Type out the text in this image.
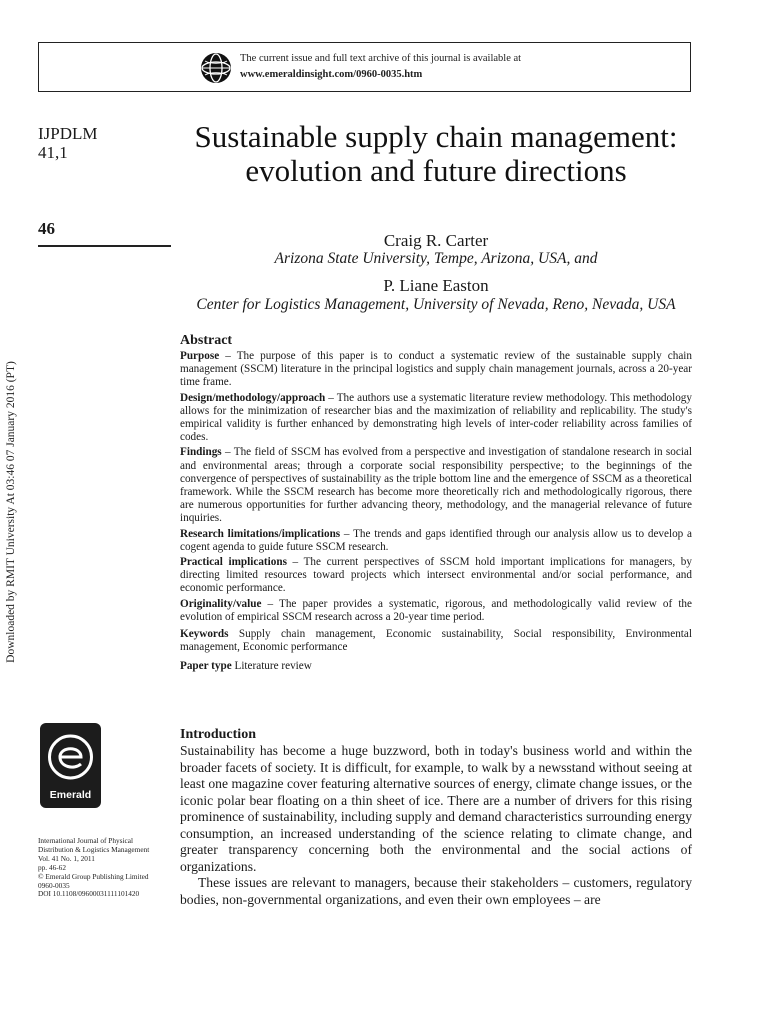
The current issue and full text archive of this journal is available at
www.emeraldinsight.com/0960-0035.htm
Downloaded by RMIT University At 03:46 07 January 2016 (PT)
IJPDLM
41,1
46
Sustainable supply chain management: evolution and future directions
Craig R. Carter
Arizona State University, Tempe, Arizona, USA, and
P. Liane Easton
Center for Logistics Management, University of Nevada, Reno, Nevada, USA
Abstract

Purpose – The purpose of this paper is to conduct a systematic review of the sustainable supply chain management (SSCM) literature in the principal logistics and supply chain management journals, across a 20-year time frame.

Design/methodology/approach – The authors use a systematic literature review methodology. This methodology allows for the minimization of researcher bias and the maximization of reliability and replicability. The study's empirical validity is further enhanced by demonstrating high levels of inter-coder reliability across families of codes.

Findings – The field of SSCM has evolved from a perspective and investigation of standalone research in social and environmental areas; through a corporate social responsibility perspective; to the beginnings of the convergence of perspectives of sustainability as the triple bottom line and the emergence of SSCM as a theoretical framework. While the SSCM research has become more theoretically rich and methodologically rigorous, there are numerous opportunities for further advancing theory, methodology, and the managerial relevance of future inquiries.

Research limitations/implications – The trends and gaps identified through our analysis allow us to develop a cogent agenda to guide future SSCM research.

Practical implications – The current perspectives of SSCM hold important implications for managers, by directing limited resources toward projects which intersect environmental and/or social performance, and economic performance.

Originality/value – The paper provides a systematic, rigorous, and methodologically valid review of the evolution of empirical SSCM research across a 20-year time period.

Keywords Supply chain management, Economic sustainability, Social responsibility, Environmental management, Economic performance

Paper type Literature review

Introduction

Sustainability has become a huge buzzword, both in today's business world and within the broader facets of society. It is difficult, for example, to walk by a newsstand without seeing at least one magazine cover featuring alternative sources of energy, climate change issues, or the iconic polar bear floating on a thin sheet of ice. There are a number of drivers for this rising prominence of sustainability, including supply and demand characteristics surrounding energy consumption, an increased understanding of the science relating to climate change, and greater transparency concerning both the environmental and the social actions of organizations.

These issues are relevant to managers, because their stakeholders – customers, regulatory bodies, non-governmental organizations, and even their own employees – are

Emerald
International Journal of Physical
Distribution & Logistics Management
Vol. 41 No. 1, 2011
pp. 46-62
© Emerald Group Publishing Limited
0960-0035
DOI 10.1108/09600031111101420
